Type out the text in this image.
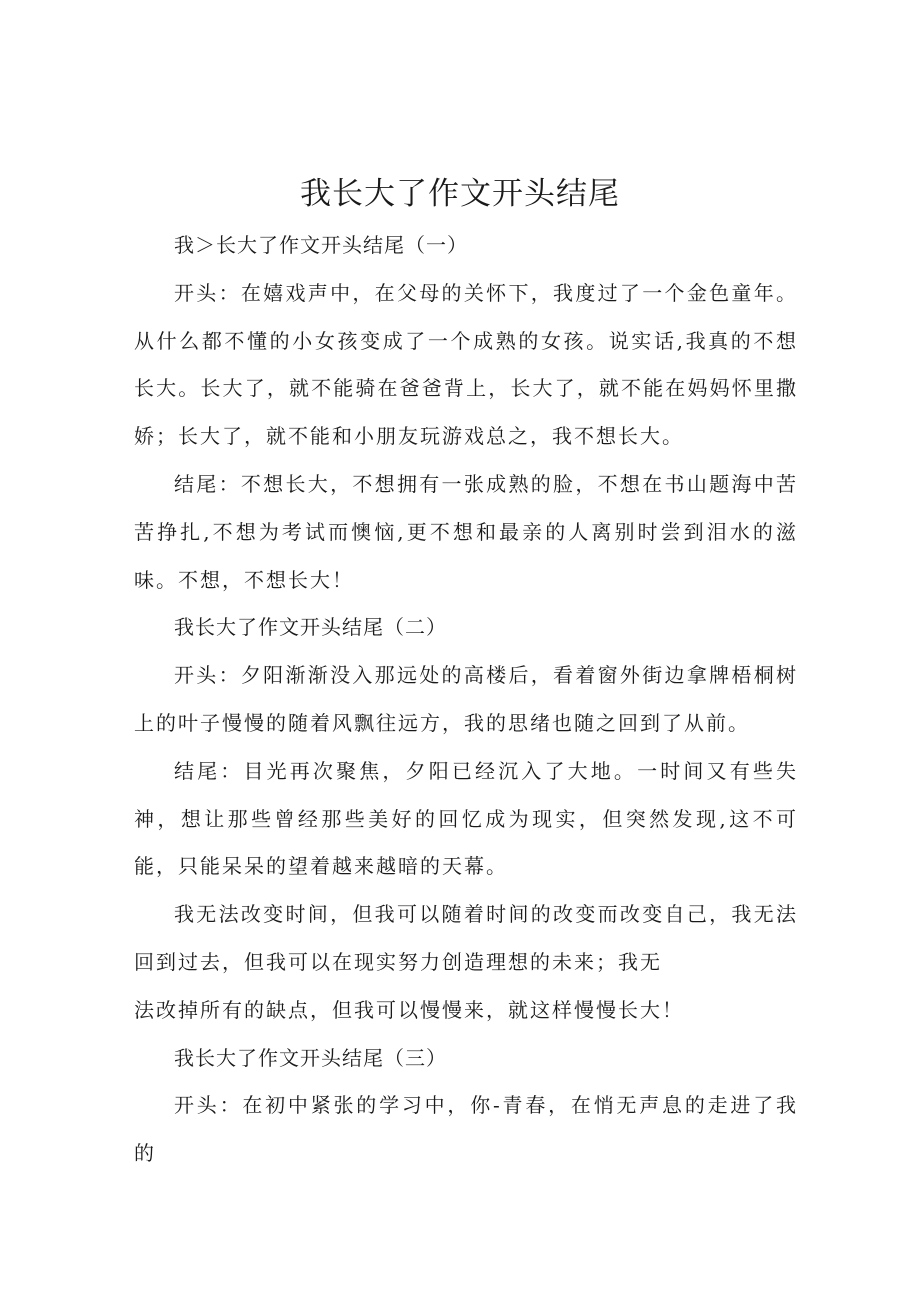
我长大了作文开头结尾

我＞长大了作文开头结尾（一）

开头：在嬉戏声中，在父母的关怀下，我度过了一个金色童年。从什么都不懂的小女孩变成了一个成熟的女孩。说实话,我真的不想长大。长大了，就不能骑在爸爸背上，长大了，就不能在妈妈怀里撒娇；长大了，就不能和小朋友玩游戏总之，我不想长大。

结尾：不想长大，不想拥有一张成熟的脸，不想在书山题海中苦苦挣扎,不想为考试而懊恼,更不想和最亲的人离别时尝到泪水的滋味。不想，不想长大！

我长大了作文开头结尾（二）

开头：夕阳渐渐没入那远处的高楼后，看着窗外街边拿牌梧桐树上的叶子慢慢的随着风飘往远方，我的思绪也随之回到了从前。

结尾：目光再次聚焦，夕阳已经沉入了大地。一时间又有些失神，想让那些曾经那些美好的回忆成为现实，但突然发现,这不可能，只能呆呆的望着越来越暗的天幕。

我无法改变时间，但我可以随着时间的改变而改变自己，我无法回到过去，但我可以在现实努力创造理想的未来；我无

法改掉所有的缺点，但我可以慢慢来，就这样慢慢长大！

我长大了作文开头结尾（三）

开头：在初中紧张的学习中，你-青春，在悄无声息的走进了我的
